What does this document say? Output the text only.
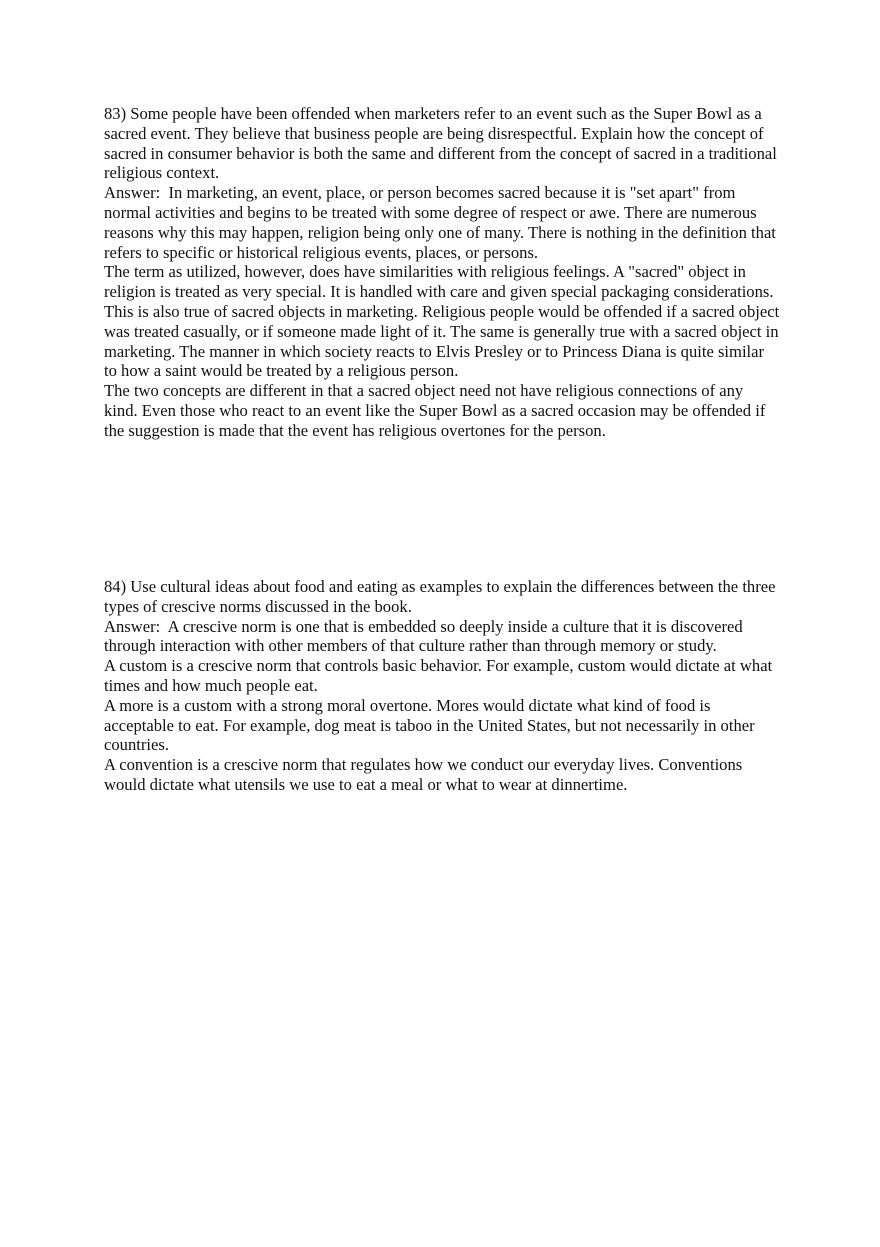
83) Some people have been offended when marketers refer to an event such as the Super Bowl as a sacred event. They believe that business people are being disrespectful. Explain how the concept of sacred in consumer behavior is both the same and different from the concept of sacred in a traditional religious context.

Answer:  In marketing, an event, place, or person becomes sacred because it is "set apart" from normal activities and begins to be treated with some degree of respect or awe. There are numerous reasons why this may happen, religion being only one of many. There is nothing in the definition that refers to specific or historical religious events, places, or persons.

The term as utilized, however, does have similarities with religious feelings. A "sacred" object in religion is treated as very special. It is handled with care and given special packaging considerations. This is also true of sacred objects in marketing. Religious people would be offended if a sacred object was treated casually, or if someone made light of it. The same is generally true with a sacred object in marketing. The manner in which society reacts to Elvis Presley or to Princess Diana is quite similar to how a saint would be treated by a religious person.

The two concepts are different in that a sacred object need not have religious connections of any kind. Even those who react to an event like the Super Bowl as a sacred occasion may be offended if the suggestion is made that the event has religious overtones for the person.

84) Use cultural ideas about food and eating as examples to explain the differences between the three types of crescive norms discussed in the book.

Answer:  A crescive norm is one that is embedded so deeply inside a culture that it is discovered through interaction with other members of that culture rather than through memory or study.

A custom is a crescive norm that controls basic behavior. For example, custom would dictate at what times and how much people eat.

A more is a custom with a strong moral overtone. Mores would dictate what kind of food is acceptable to eat. For example, dog meat is taboo in the United States, but not necessarily in other countries.

A convention is a crescive norm that regulates how we conduct our everyday lives. Conventions would dictate what utensils we use to eat a meal or what to wear at dinnertime.
